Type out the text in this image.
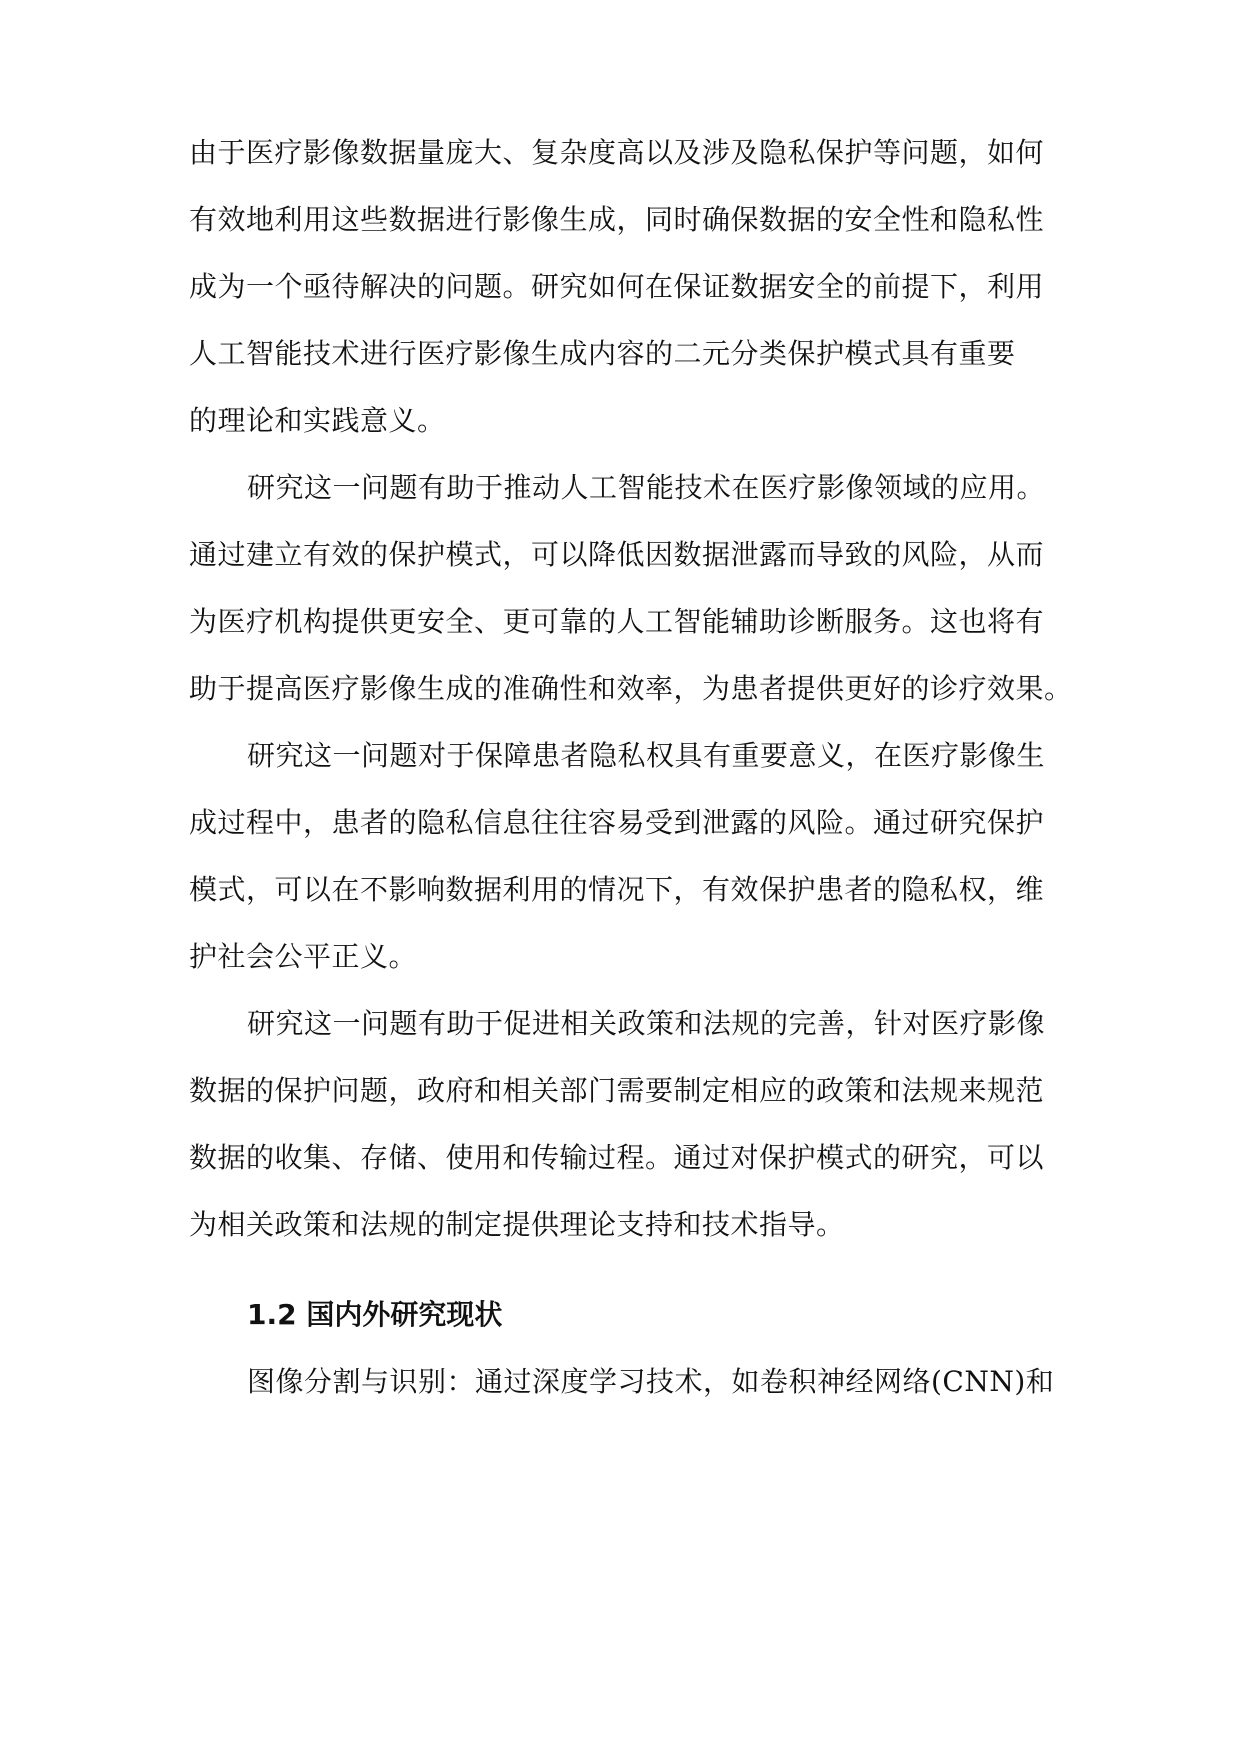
由于医疗影像数据量庞大、复杂度高以及涉及隐私保护等问题，如何
有效地利用这些数据进行影像生成，同时确保数据的安全性和隐私性
成为一个亟待解决的问题。研究如何在保证数据安全的前提下，利用
人工智能技术进行医疗影像生成内容的二元分类保护模式具有重要
的理论和实践意义。
研究这一问题有助于推动人工智能技术在医疗影像领域的应用。
通过建立有效的保护模式，可以降低因数据泄露而导致的风险，从而
为医疗机构提供更安全、更可靠的人工智能辅助诊断服务。这也将有
助于提高医疗影像生成的准确性和效率，为患者提供更好的诊疗效果。
研究这一问题对于保障患者隐私权具有重要意义，在医疗影像生
成过程中，患者的隐私信息往往容易受到泄露的风险。通过研究保护
模式，可以在不影响数据利用的情况下，有效保护患者的隐私权，维
护社会公平正义。
研究这一问题有助于促进相关政策和法规的完善，针对医疗影像
数据的保护问题，政府和相关部门需要制定相应的政策和法规来规范
数据的收集、存储、使用和传输过程。通过对保护模式的研究，可以
为相关政策和法规的制定提供理论支持和技术指导。
1.2 国内外研究现状
图像分割与识别：通过深度学习技术，如卷积神经网络(CNN)和
